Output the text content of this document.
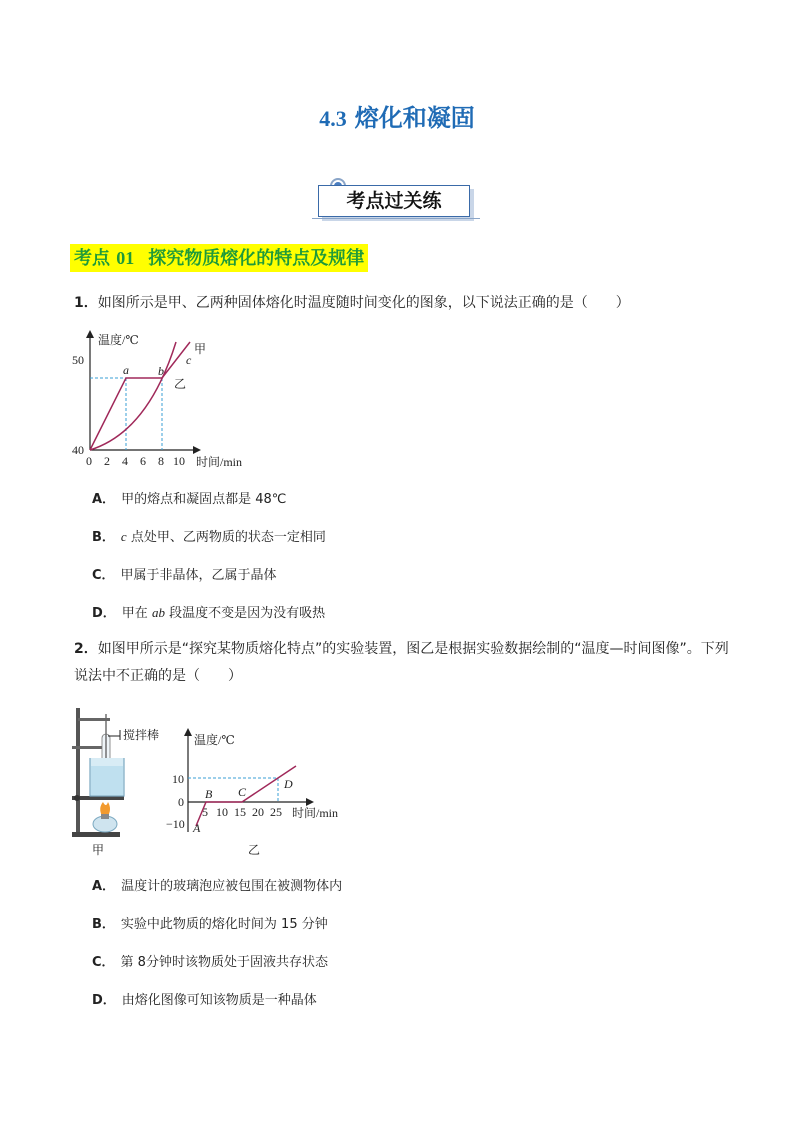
4.3 熔化和凝固
考点过关练
考点 01 探究物质熔化的特点及规律
1．如图所示是甲、乙两种固体熔化时温度随时间变化的图象，以下说法正确的是（　　）
温度/℃
时间/min
50
40
0 2 4 6 8 10
a b
c
甲
乙
A． 甲的熔点和凝固点都是 48℃
B． c 点处甲、乙两物质的状态一定相同
C． 甲属于非晶体，乙属于晶体
D． 甲在 ab 段温度不变是因为没有吸热
2．如图甲所示是“探究某物质熔化特点”的实验装置，图乙是根据实验数据绘制的“温度—时间图像”。下列
说法中不正确的是（　　）
搅拌棒
甲
温度/℃
时间/min
10
0
−10
5 10 15 20 25
A
B C
D
乙
A． 温度计的玻璃泡应被包围在被测物体内
B． 实验中此物质的熔化时间为 15 分钟
C． 第 8分钟时该物质处于固液共存状态
D． 由熔化图像可知该物质是一种晶体
